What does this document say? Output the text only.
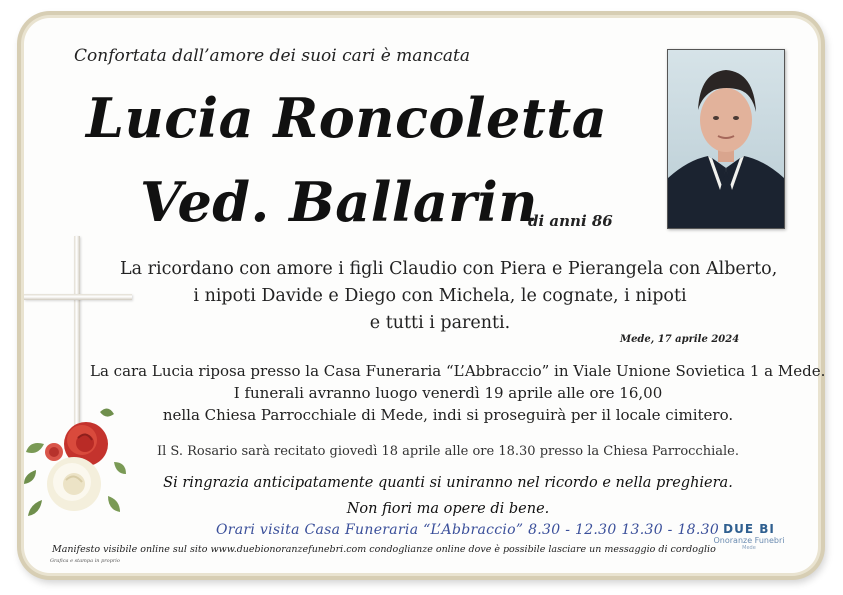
Confortata dall’amore dei suoi cari è mancata
Lucia Roncoletta
Ved. Ballarin
di anni 86
La ricordano con amore i figli Claudio con Piera e Pierangela con Alberto,
i nipoti Davide e Diego con Michela, le cognate, i nipoti
e tutti i parenti.
Mede, 17 aprile 2024
La cara Lucia riposa presso la Casa Funeraria “L’Abbraccio” in Viale Unione Sovietica 1 a Mede.
I funerali avranno luogo venerdì 19 aprile alle ore 16,00
nella Chiesa Parrocchiale di Mede, indi si proseguirà per il locale cimitero.
Il S. Rosario sarà recitato giovedì 18 aprile alle ore 18.30 presso la Chiesa Parrocchiale.
Si ringrazia anticipatamente quanti si uniranno nel ricordo e nella preghiera.
Non fiori ma opere di bene.
Orari visita Casa Funeraria “L’Abbraccio” 8.30 - 12.30 13.30 - 18.30
Manifesto visibile online sul sito www.duebionoranzefunebri.com condoglianze online dove è possibile lasciare un messaggio di cordoglio
Grafica e stampa in proprio
DUE BI
Onoranze Funebri
Mede
